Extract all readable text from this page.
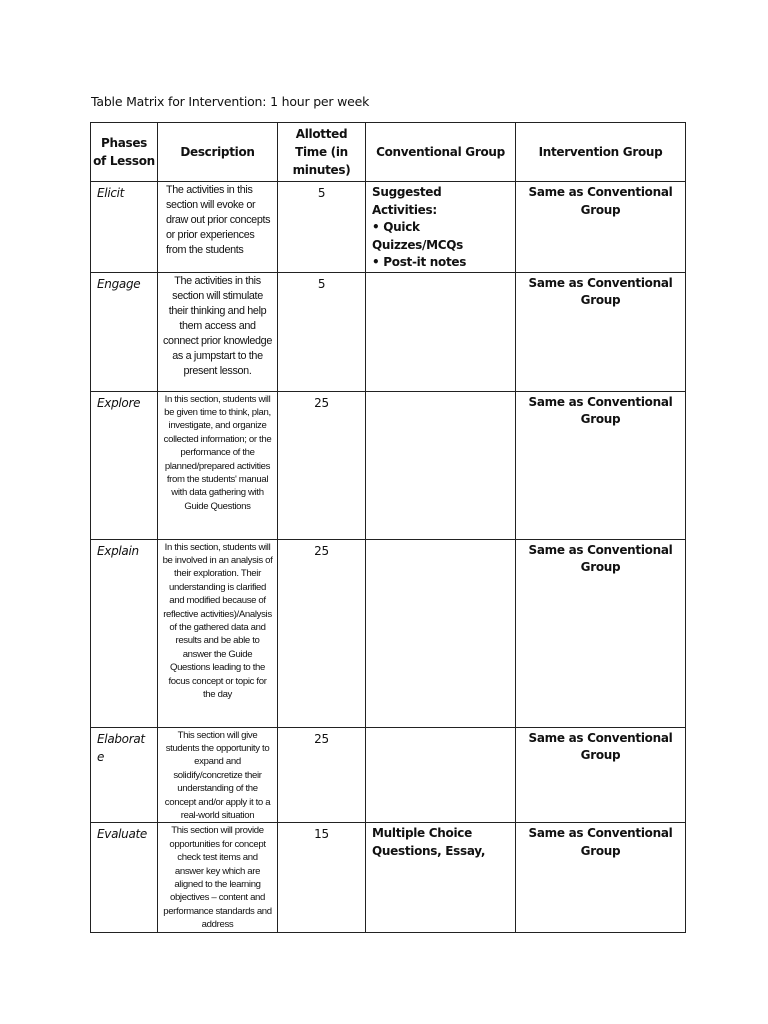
Table Matrix for Intervention: 1 hour per week
Phases of Lesson	Description	Allotted Time (in minutes)	Conventional Group	Intervention Group

Elicit	The activities in this section will evoke or draw out prior concepts or prior experiences from the students	5	Suggested Activities:
• Quick Quizzes/MCQs
• Post-it notes	Same as Conventional Group

Engage	The activities in this section will stimulate their thinking and help them access and connect prior knowledge as a jumpstart to the present lesson.	5		Same as Conventional Group

Explore	In this section, students will be given time to think, plan, investigate, and organize collected information; or the performance of the planned/prepared activities from the students' manual with data gathering with Guide Questions	25		Same as Conventional Group

Explain	In this section, students will be involved in an analysis of their exploration. Their understanding is clarified and modified because of reflective activities)/Analysis of the gathered data and results and be able to answer the Guide Questions leading to the focus concept or topic for the day	25		Same as Conventional Group

Elaborate	This section will give students the opportunity to expand and solidify/concretize their understanding of the concept and/or apply it to a real-world situation	25		Same as Conventional Group

Evaluate	This section will provide opportunities for concept check test items and answer key which are aligned to the learning objectives – content and performance standards and address	15	Multiple Choice Questions, Essay,	Same as Conventional Group
